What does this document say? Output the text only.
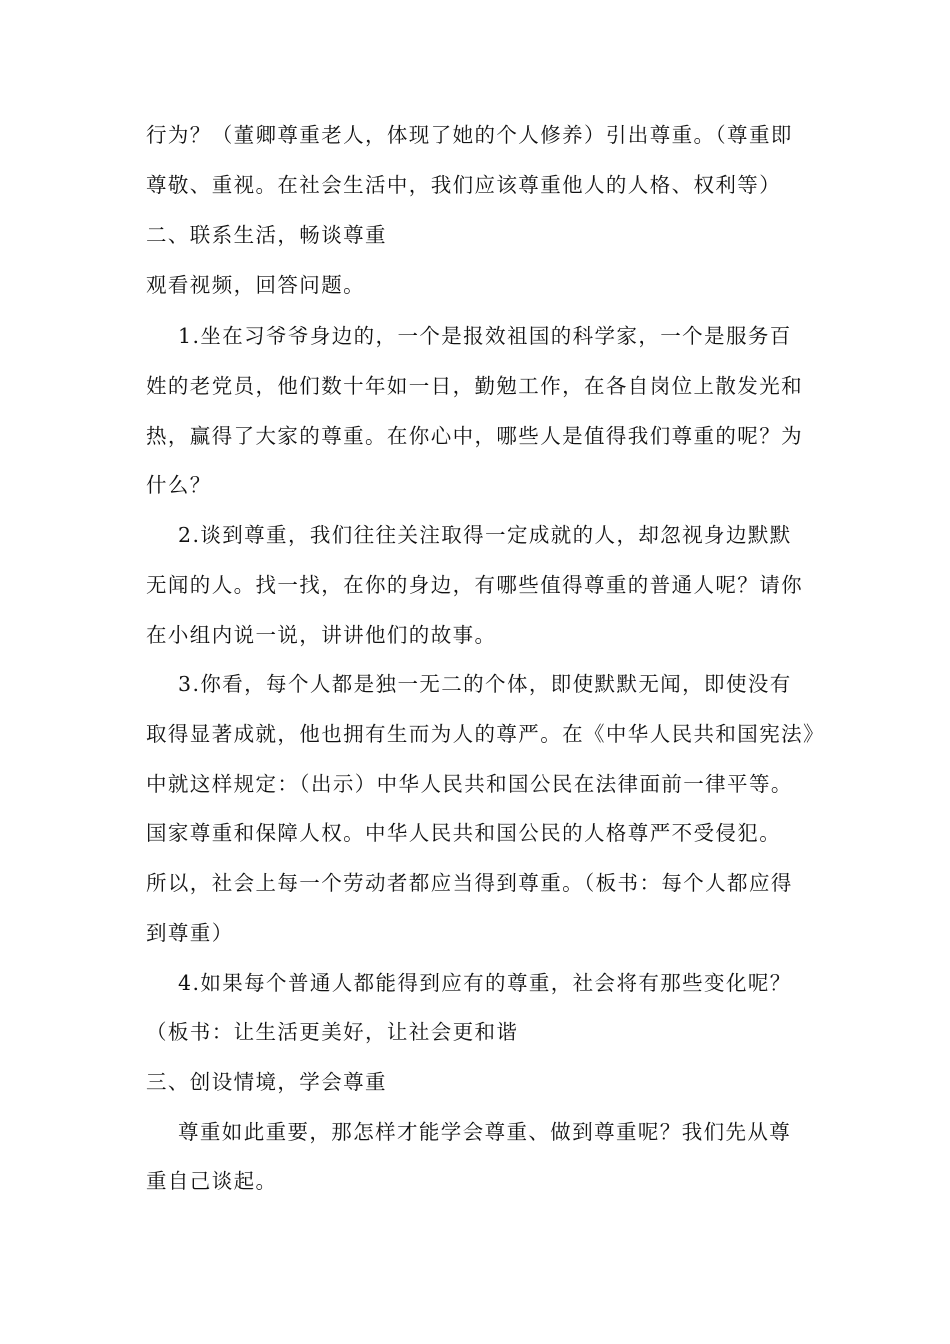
行为？（董卿尊重老人，体现了她的个人修养）引出尊重。（尊重即
尊敬、重视。在社会生活中，我们应该尊重他人的人格、权利等）
二、联系生活，畅谈尊重
观看视频，回答问题。
1.坐在习爷爷身边的，一个是报效祖国的科学家，一个是服务百
姓的老党员，他们数十年如一日，勤勉工作，在各自岗位上散发光和
热，赢得了大家的尊重。在你心中，哪些人是值得我们尊重的呢？为
什么？
2.谈到尊重，我们往往关注取得一定成就的人，却忽视身边默默
无闻的人。找一找，在你的身边，有哪些值得尊重的普通人呢？请你
在小组内说一说，讲讲他们的故事。
3.你看，每个人都是独一无二的个体，即使默默无闻，即使没有
取得显著成就，他也拥有生而为人的尊严。在《中华人民共和国宪法》
中就这样规定：（出示）中华人民共和国公民在法律面前一律平等。
国家尊重和保障人权。中华人民共和国公民的人格尊严不受侵犯。
所以，社会上每一个劳动者都应当得到尊重。（板书：每个人都应得
到尊重）
4.如果每个普通人都能得到应有的尊重，社会将有那些变化呢？
（板书：让生活更美好，让社会更和谐
三、创设情境，学会尊重
尊重如此重要，那怎样才能学会尊重、做到尊重呢？我们先从尊
重自己谈起。
